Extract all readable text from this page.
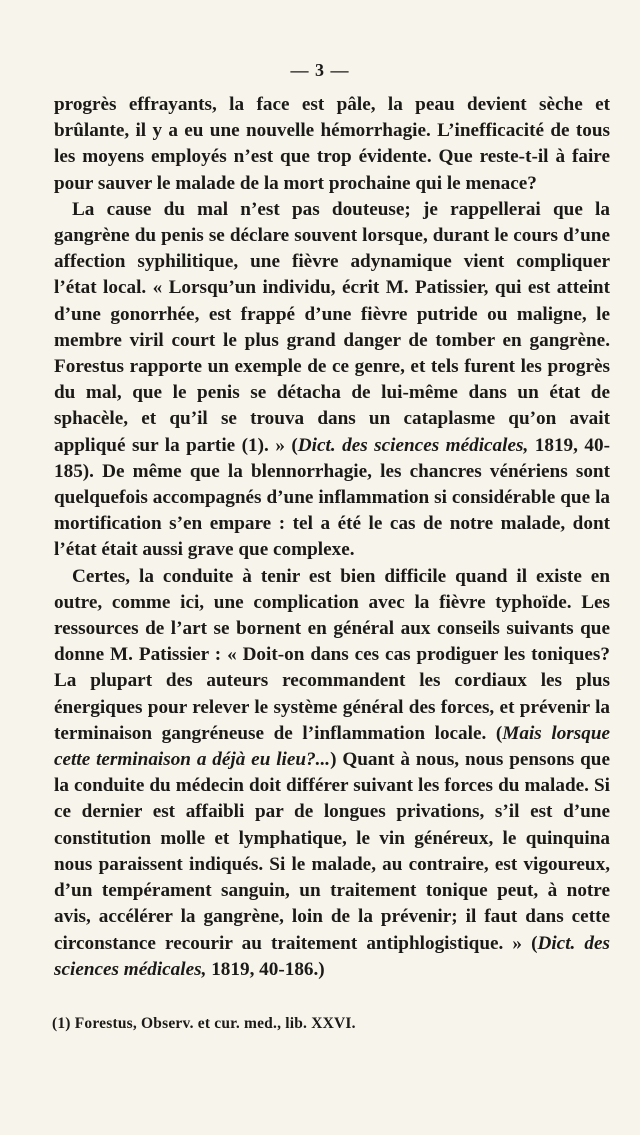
— 3 —

progrès effrayants, la face est pâle, la peau devient sèche et brûlante, il y a eu une nouvelle hémorrhagie. L’inefficacité de tous les moyens employés n’est que trop évidente. Que reste-t-il à faire pour sauver le malade de la mort prochaine qui le menace?

La cause du mal n’est pas douteuse; je rappellerai que la gangrène du penis se déclare souvent lorsque, durant le cours d’une affection syphilitique, une fièvre adynamique vient compliquer l’état local. « Lorsqu’un individu, écrit M. Patissier, qui est atteint d’une gonorrhée, est frappé d’une fièvre putride ou maligne, le membre viril court le plus grand danger de tomber en gangrène. Forestus rapporte un exemple de ce genre, et tels furent les progrès du mal, que le penis se détacha de lui-même dans un état de sphacèle, et qu’il se trouva dans un cataplasme qu’on avait appliqué sur la partie (1). » (Dict. des sciences médicales, 1819, 40-185). De même que la blennorrhagie, les chancres vénériens sont quelquefois accompagnés d’une inflammation si considérable que la mortification s’en empare : tel a été le cas de notre malade, dont l’état était aussi grave que complexe.

Certes, la conduite à tenir est bien difficile quand il existe en outre, comme ici, une complication avec la fièvre typhoïde. Les ressources de l’art se bornent en général aux conseils suivants que donne M. Patissier : « Doit-on dans ces cas prodiguer les toniques? La plupart des auteurs recommandent les cordiaux les plus énergiques pour relever le système général des forces, et prévenir la terminaison gangréneuse de l’inflammation locale. (Mais lorsque cette terminaison a déjà eu lieu?...) Quant à nous, nous pensons que la conduite du médecin doit différer suivant les forces du malade. Si ce dernier est affaibli par de longues privations, s’il est d’une constitution molle et lymphatique, le vin généreux, le quinquina nous paraissent indiqués. Si le malade, au contraire, est vigoureux, d’un tempérament sanguin, un traitement tonique peut, à notre avis, accélérer la gangrène, loin de la prévenir; il faut dans cette circonstance recourir au traitement antiphlogistique. » (Dict. des sciences médicales, 1819, 40-186.)

(1) Forestus, Observ. et cur. med., lib. XXVI.
